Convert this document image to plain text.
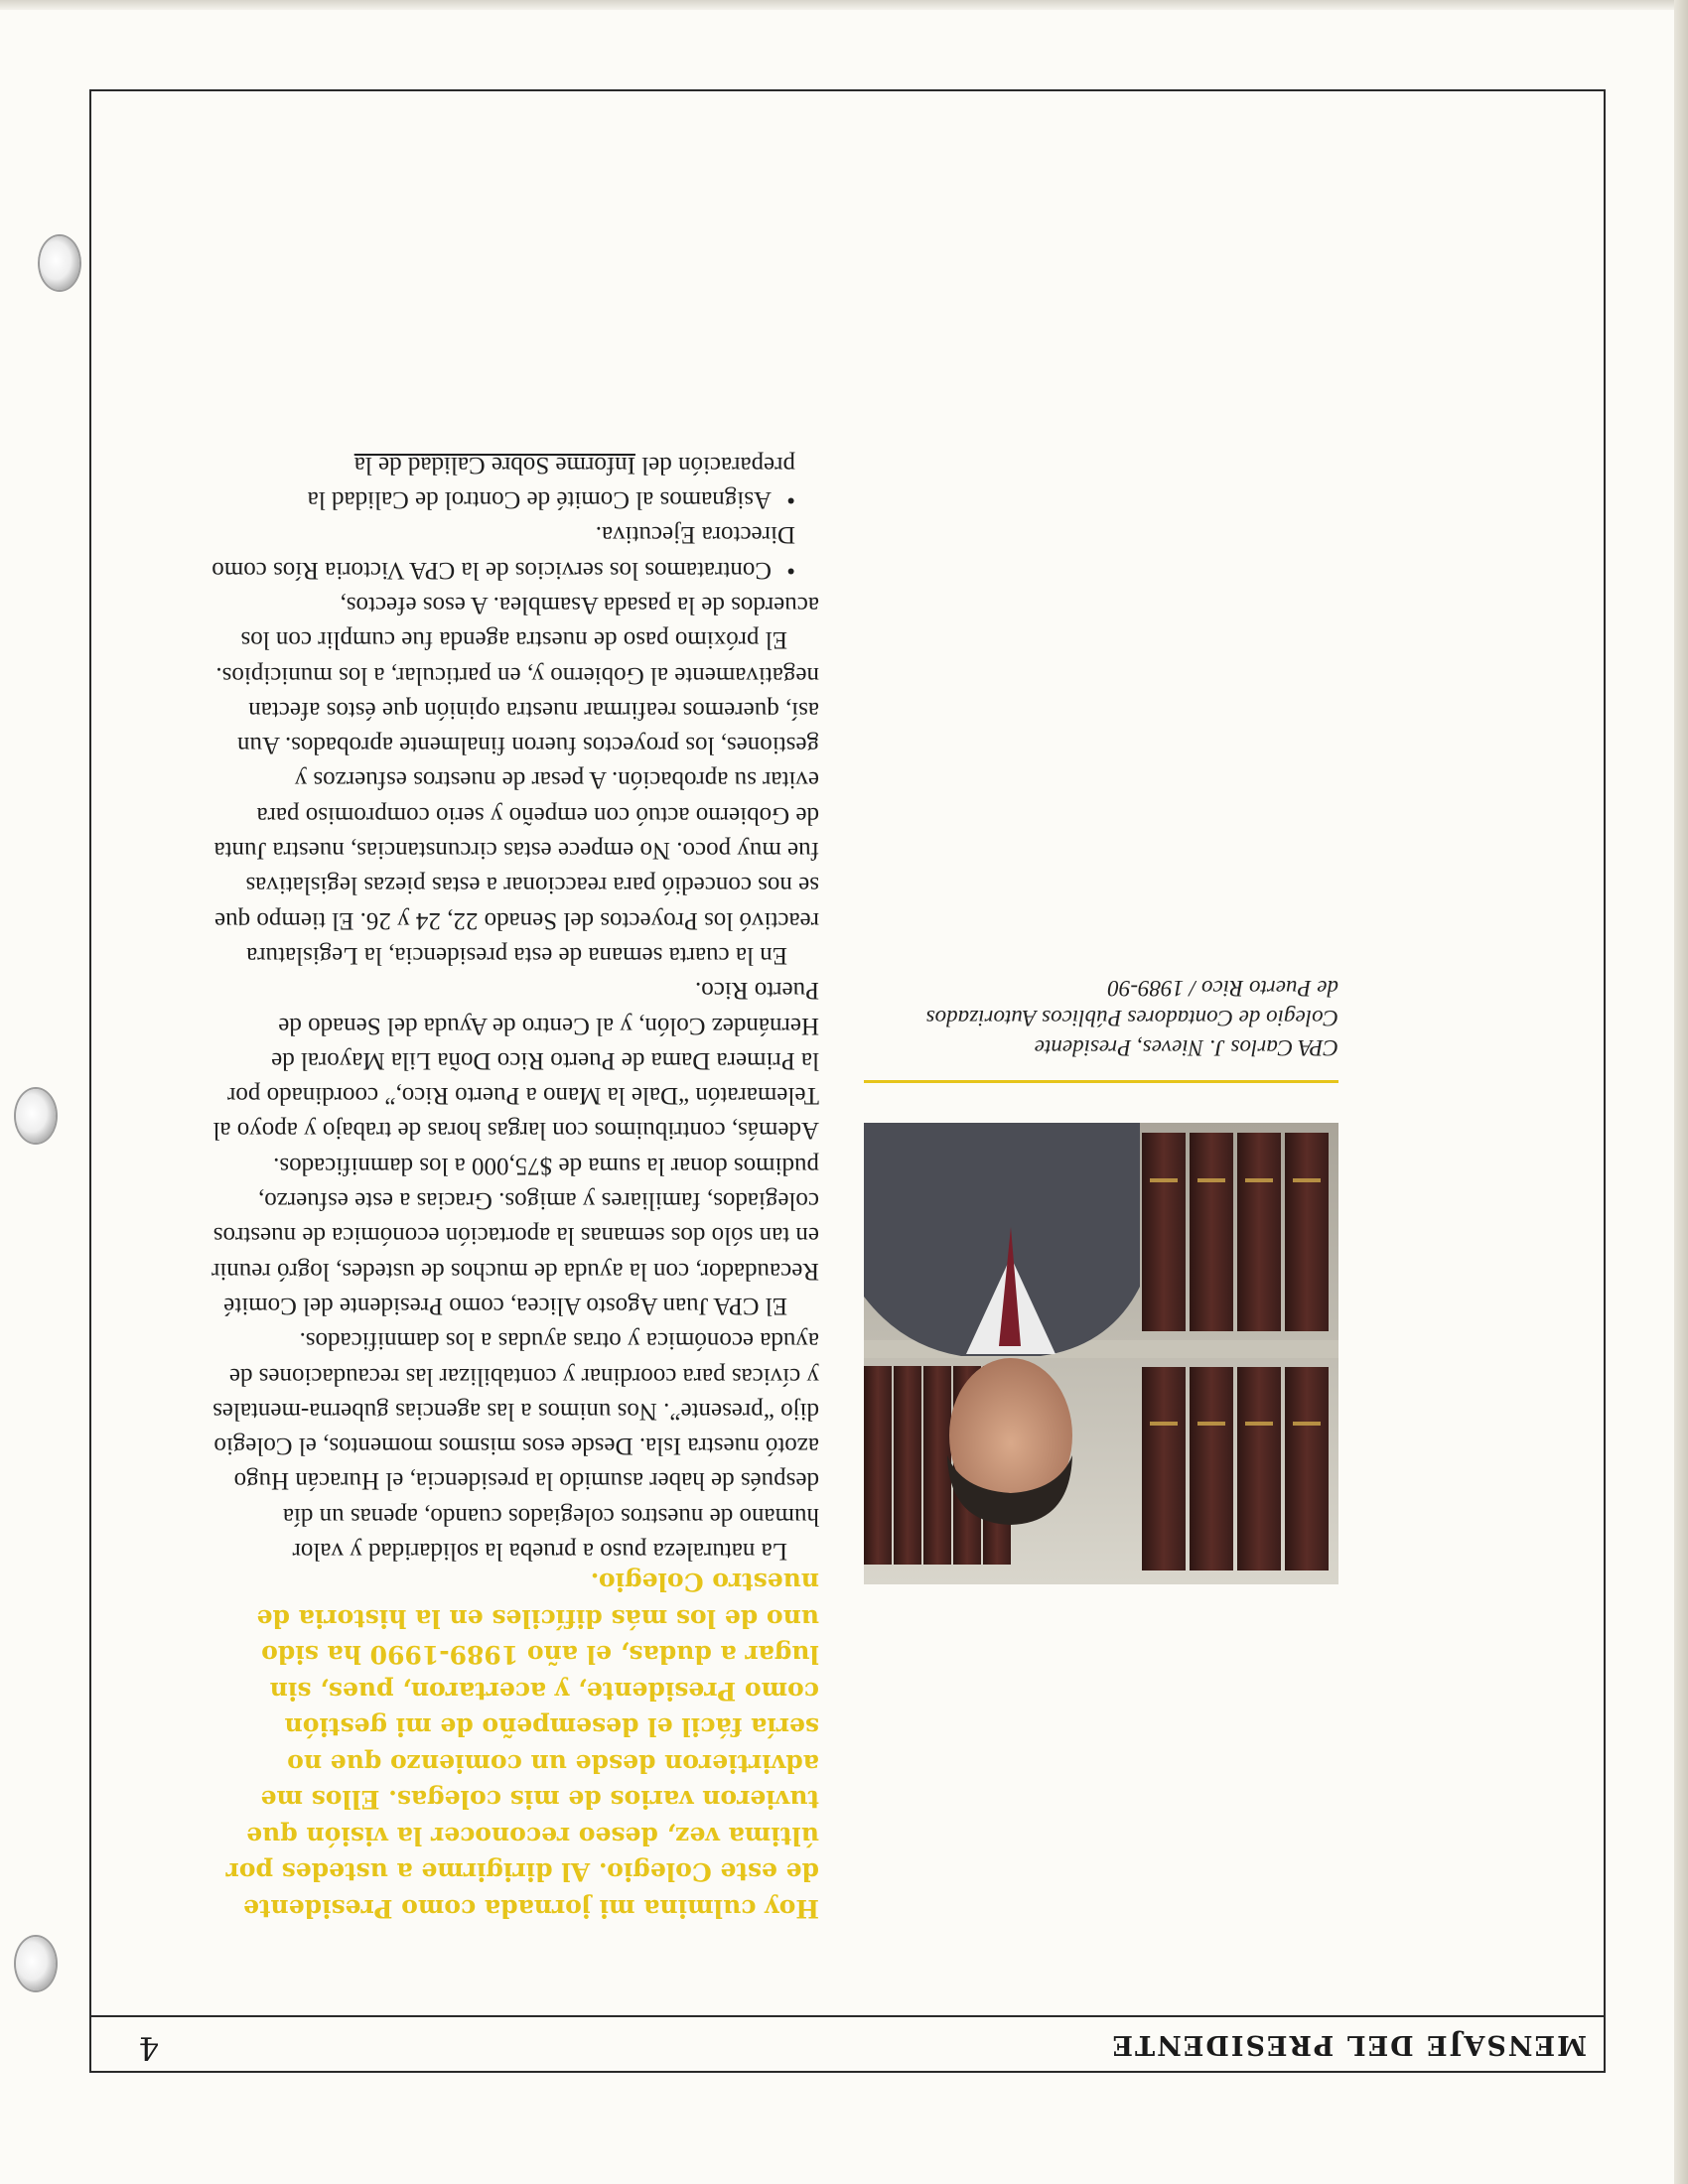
MENSAJE DEL PRESIDENTE
4

Hoy culmina mi jornada como Presidente de este Colegio. Al dirigirme a ustedes por última vez, deseo reconocer la visión que tuvieron varios de mis colegas. Ellos me advirtieron desde un comienzo que no sería fácil el desempeño de mi gestión como Presidente, y acertaron, pues, sin lugar a dudas, el año 1989-1990 ha sido uno de los más difíciles en la historia de nuestro Colegio.

La naturaleza puso a prueba la solidaridad y valor humano de nuestros colegiados cuando, apenas un día después de haber asumido la presidencia, el Huracán Hugo azotó nuestra Isla. Desde esos mismos momentos, el Colegio dijo “presente”. Nos unimos a las agencias guberna-mentales y cívicas para coordinar y contabilizar las recaudaciones de ayuda económica y otras ayudas a los damnificados.

El CPA Juan Agosto Alicea, como Presidente del Comité Recaudador, con la ayuda de muchos de ustedes, logró reunir en tan sólo dos semanas la aportación económica de nuestros colegiados, familiares y amigos. Gracias a este esfuerzo, pudimos donar la suma de $75,000 a los damnificados. Además, contribuimos con largas horas de trabajo y apoyo al Telemaratón “Dale la Mano a Puerto Rico,” coordinado por la Primera Dama de Puerto Rico Doña Lila Mayoral de Hernández Colón, y al Centro de Ayuda del Senado de Puerto Rico.

En la cuarta semana de esta presidencia, la Legislatura reactivó los Proyectos del Senado 22, 24 y 26. El tiempo que se nos concedió para reaccionar a estas piezas legislativas fue muy poco. No empece estas circunstancias, nuestra Junta de Gobierno actuó con empeño y serio compromiso para evitar su aprobación. A pesar de nuestros esfuerzos y gestiones, los proyectos fueron finalmente aprobados. Aun así, queremos reafirmar nuestra opinión que éstos afectan negativamente al Gobierno y, en particular, a los municipios.

El próximo paso de nuestra agenda fue cumplir con los acuerdos de la pasada Asamblea. A esos efectos,

•Contratamos los servicios de la CPA Victoria Ríos como Directora Ejecutiva.

•Asignamos al Comité de Control de Calidad la preparación del Informe Sobre Calidad de la

CPA Carlos J. Nieves, Presidente
Colegio de Contadores Públicos Autorizados
de Puerto Rico / 1989-90
